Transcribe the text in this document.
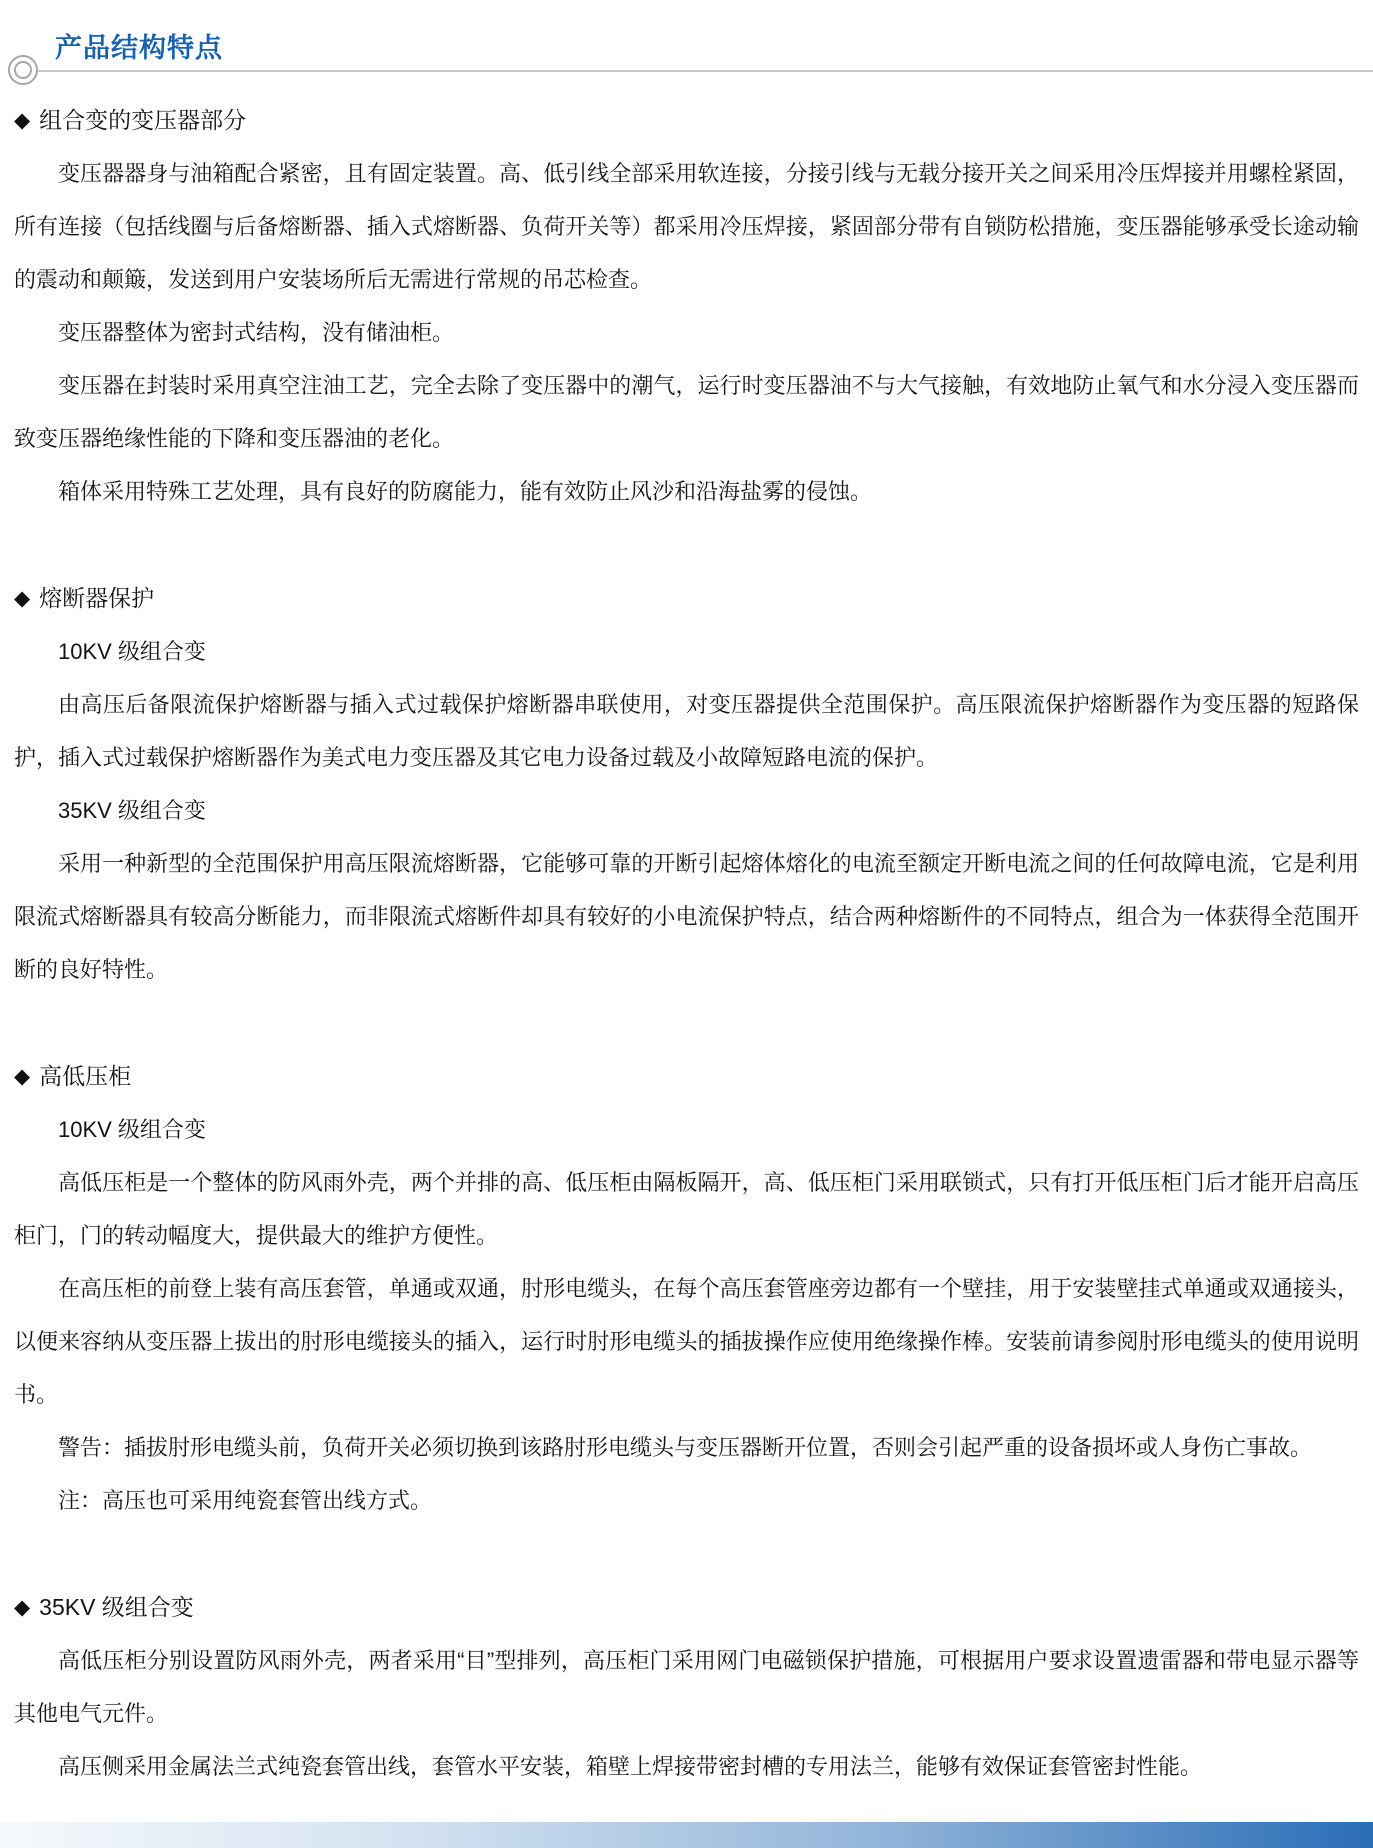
产品结构特点
◆ 组合变的变压器部分

变压器器身与油箱配合紧密，且有固定装置。高、低引线全部采用软连接，分接引线与无载分接开关之间采用冷压焊接并用螺栓紧固，所有连接（包括线圈与后备熔断器、插入式熔断器、负荷开关等）都采用冷压焊接，紧固部分带有自锁防松措施，变压器能够承受长途动输的震动和颠簸，发送到用户安装场所后无需进行常规的吊芯检查。

变压器整体为密封式结构，没有储油柜。

变压器在封装时采用真空注油工艺，完全去除了变压器中的潮气，运行时变压器油不与大气接触，有效地防止氧气和水分浸入变压器而致变压器绝缘性能的下降和变压器油的老化。

箱体采用特殊工艺处理，具有良好的防腐能力，能有效防止风沙和沿海盐雾的侵蚀。

◆ 熔断器保护

10KV 级组合变

由高压后备限流保护熔断器与插入式过载保护熔断器串联使用，对变压器提供全范围保护。高压限流保护熔断器作为变压器的短路保护，插入式过载保护熔断器作为美式电力变压器及其它电力设备过载及小故障短路电流的保护。

35KV 级组合变

采用一种新型的全范围保护用高压限流熔断器，它能够可靠的开断引起熔体熔化的电流至额定开断电流之间的任何故障电流，它是利用限流式熔断器具有较高分断能力，而非限流式熔断件却具有较好的小电流保护特点，结合两种熔断件的不同特点，组合为一体获得全范围开断的良好特性。

◆ 高低压柜

10KV 级组合变

高低压柜是一个整体的防风雨外壳，两个并排的高、低压柜由隔板隔开，高、低压柜门采用联锁式，只有打开低压柜门后才能开启高压柜门，门的转动幅度大，提供最大的维护方便性。

在高压柜的前登上装有高压套管，单通或双通，肘形电缆头，在每个高压套管座旁边都有一个壁挂，用于安装壁挂式单通或双通接头，以便来容纳从变压器上拔出的肘形电缆接头的插入，运行时肘形电缆头的插拔操作应使用绝缘操作棒。安装前请参阅肘形电缆头的使用说明书。

警告：插拔肘形电缆头前，负荷开关必须切换到该路肘形电缆头与变压器断开位置，否则会引起严重的设备损坏或人身伤亡事故。

注：高压也可采用纯瓷套管出线方式。

◆ 35KV 级组合变

高低压柜分别设置防风雨外壳，两者采用“目”型排列，高压柜门采用网门电磁锁保护措施，可根据用户要求设置遗雷器和带电显示器等其他电气元件。

高压侧采用金属法兰式纯瓷套管出线，套管水平安装，箱壁上焊接带密封槽的专用法兰，能够有效保证套管密封性能。
